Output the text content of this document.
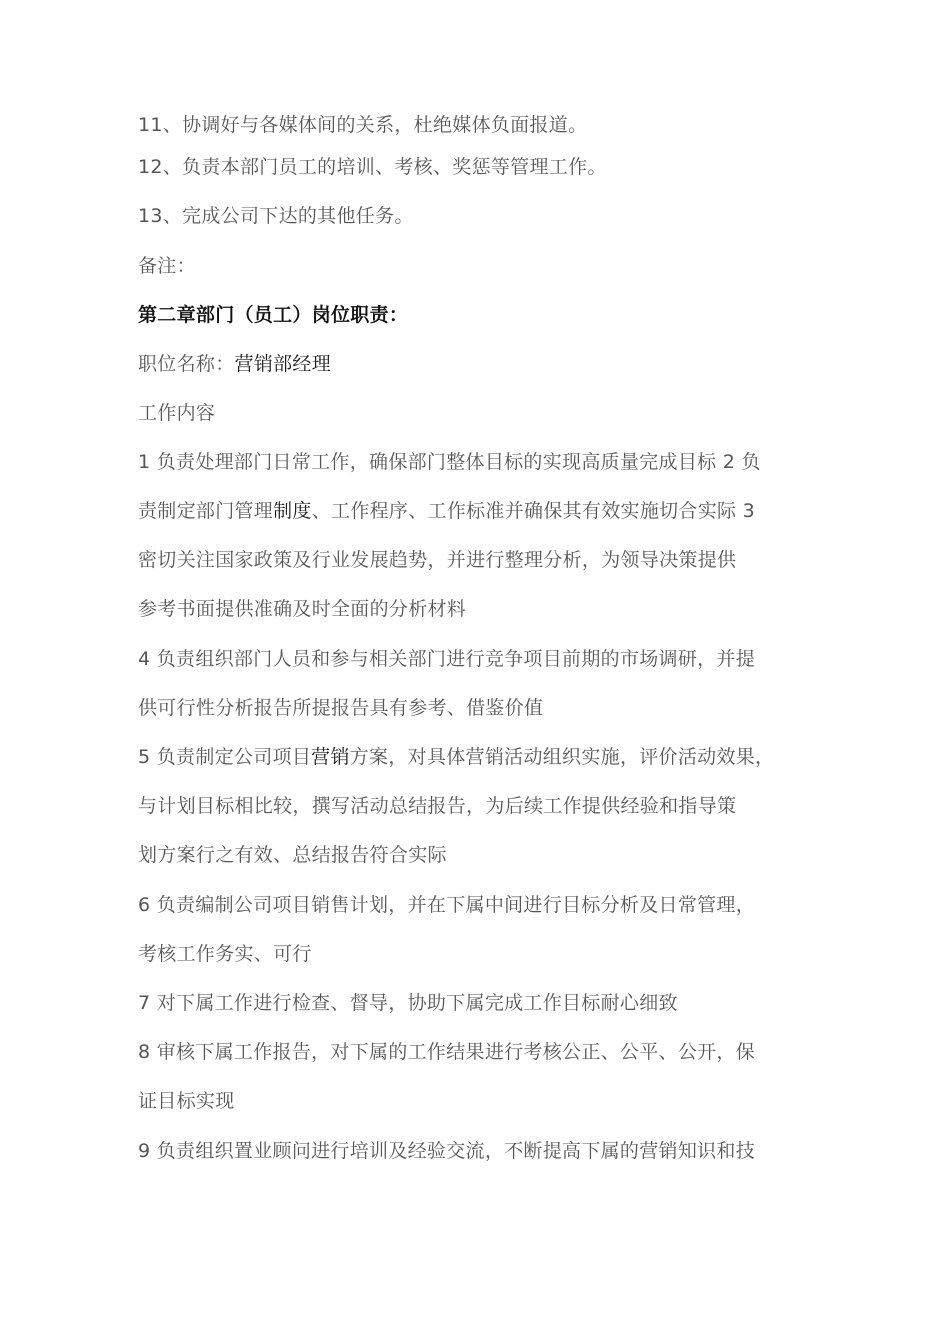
11、协调好与各媒体间的关系，杜绝媒体负面报道。
12、负责本部门员工的培训、考核、奖惩等管理工作。
13、完成公司下达的其他任务。
备注：
第二章部门（员工）岗位职责：
职位名称：营销部经理
工作内容
1 负责处理部门日常工作，确保部门整体目标的实现高质量完成目标 2 负
责制定部门管理制度、工作程序、工作标准并确保其有效实施切合实际 3
密切关注国家政策及行业发展趋势，并进行整理分析，为领导决策提供
参考书面提供准确及时全面的分析材料
4 负责组织部门人员和参与相关部门进行竞争项目前期的市场调研，并提
供可行性分析报告所提报告具有参考、借鉴价值
5 负责制定公司项目营销方案，对具体营销活动组织实施，评价活动效果，
与计划目标相比较，撰写活动总结报告，为后续工作提供经验和指导策
划方案行之有效、总结报告符合实际
6 负责编制公司项目销售计划，并在下属中间进行目标分析及日常管理，
考核工作务实、可行
7 对下属工作进行检查、督导，协助下属完成工作目标耐心细致
8 审核下属工作报告，对下属的工作结果进行考核公正、公平、公开，保
证目标实现
9 负责组织置业顾问进行培训及经验交流，不断提高下属的营销知识和技
